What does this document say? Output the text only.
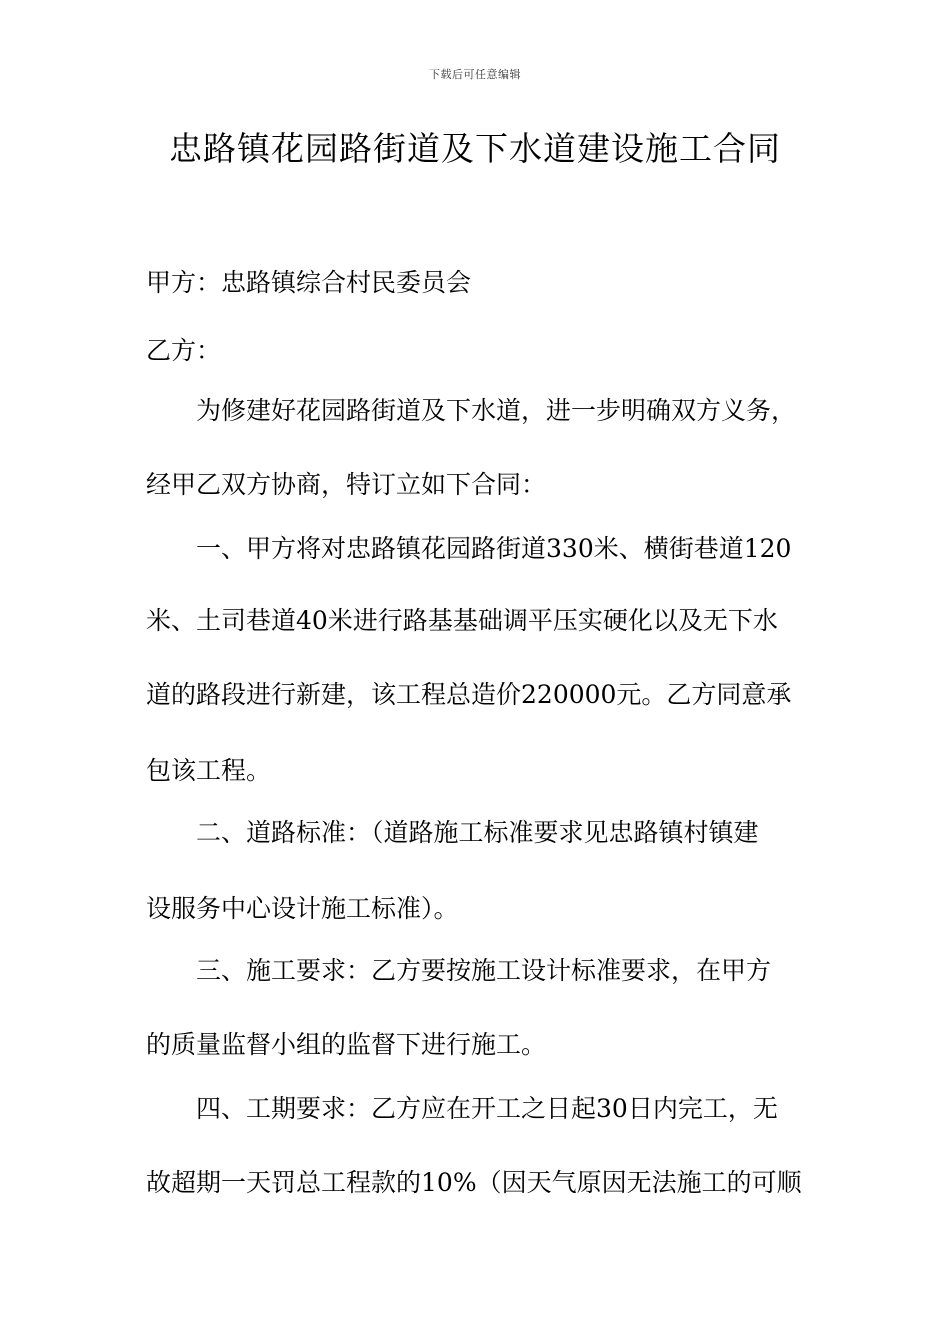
下载后可任意编辑
忠路镇花园路街道及下水道建设施工合同
甲方：忠路镇综合村民委员会
乙方：
为修建好花园路街道及下水道，进一步明确双方义务，
经甲乙双方协商，特订立如下合同：
一、甲方将对忠路镇花园路街道330米、横街巷道120
米、土司巷道40米进行路基基础调平压实硬化以及无下水
道的路段进行新建，该工程总造价220000元。乙方同意承
包该工程。
二、道路标准：（道路施工标准要求见忠路镇村镇建
设服务中心设计施工标准）。
三、施工要求：乙方要按施工设计标准要求，在甲方
的质量监督小组的监督下进行施工。
四、工期要求：乙方应在开工之日起30日内完工，无
故超期一天罚总工程款的10%（因天气原因无法施工的可顺
